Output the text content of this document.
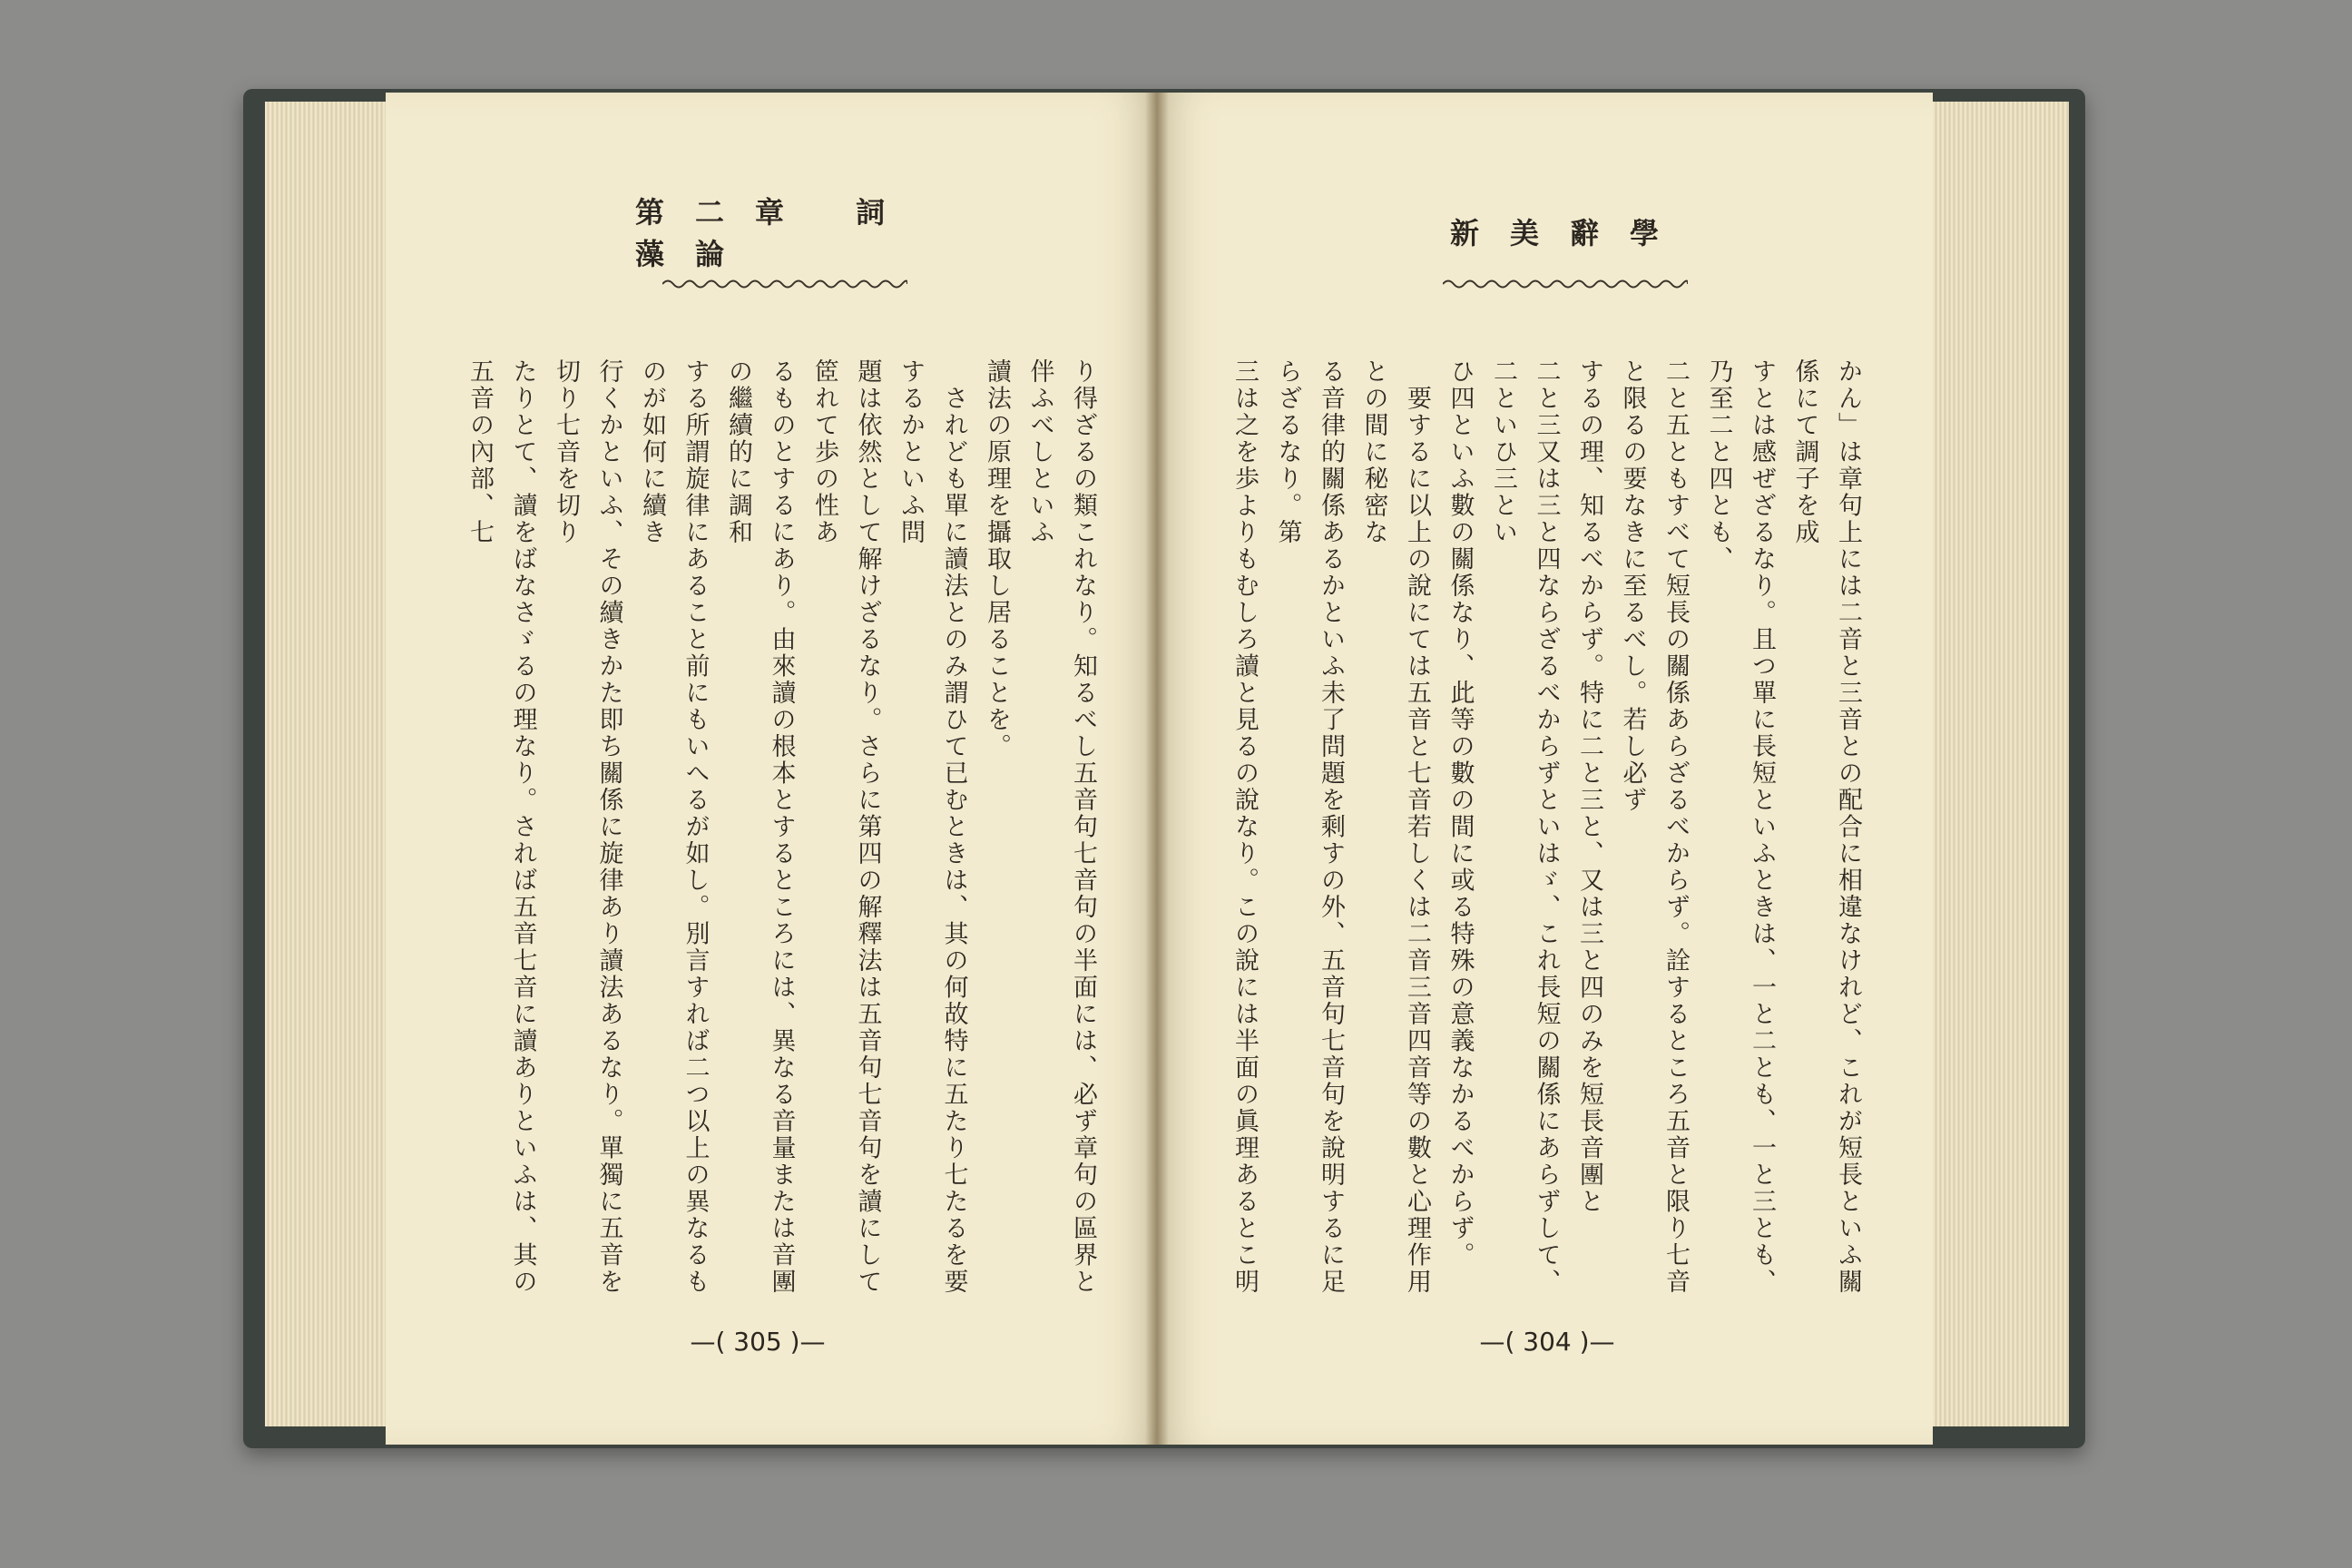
第二章 詞藻論
新美辭學

り得ざるの類これなり。知るべし五音句七音句の半面には、必ず章句の區界と伴ふべしといふ

讀法の原理を攝取し居ることを。

　されども單に讀法とのみ謂ひて已むときは、其の何故特に五たり七たるを要するかといふ問

題は依然として解けざるなり。さらに第四の解釋法は五音句七音句を讀にして䇫れて歩の性あ

るものとするにあり。由來讀の根本とするところには、異なる音量または音團の繼續的に調和

する所謂旋律にあること前にもいへるが如し。別言すれば二つ以上の異なるものが如何に續き

行くかといふ、その續きかた即ち關係に旋律あり讀法あるなり。單獨に五音を切り七音を切り

たりとて、讀をばなさゞるの理なり。されば五音七音に讀ありといふは、其の五音の內部、七	かん」は章句上には二音と三音との配合に相違なけれど、これが短長といふ關係にて調子を成

すとは感ぜざるなり。且つ單に長短といふときは、一と二とも、一と三とも、乃至二と四とも、

二と五ともすべて短長の關係あらざるべからず。詮するところ五音と限り七音と限るの要なきに至るべし。若し必ず

するの理、知るべからず。特に二と三と、又は三と四のみを短長音團と

二と三又は三と四ならざるべからずといはゞ、これ長短の關係にあらずして、二といひ三とい

ひ四といふ數の關係なり、此等の數の間に或る特殊の意義なかるべからず。

　要するに以上の說にては五音と七音若しくは二音三音四音等の數と心理作用との間に秘密な

る音律的關係あるかといふ未了問題を剩すの外、五音句七音句を說明するに足らざるなり。第

三は之を歩よりもむしろ讀と見るの說なり。この說には半面の眞理あるとこ明

—( 305 )—	—( 304 )—
